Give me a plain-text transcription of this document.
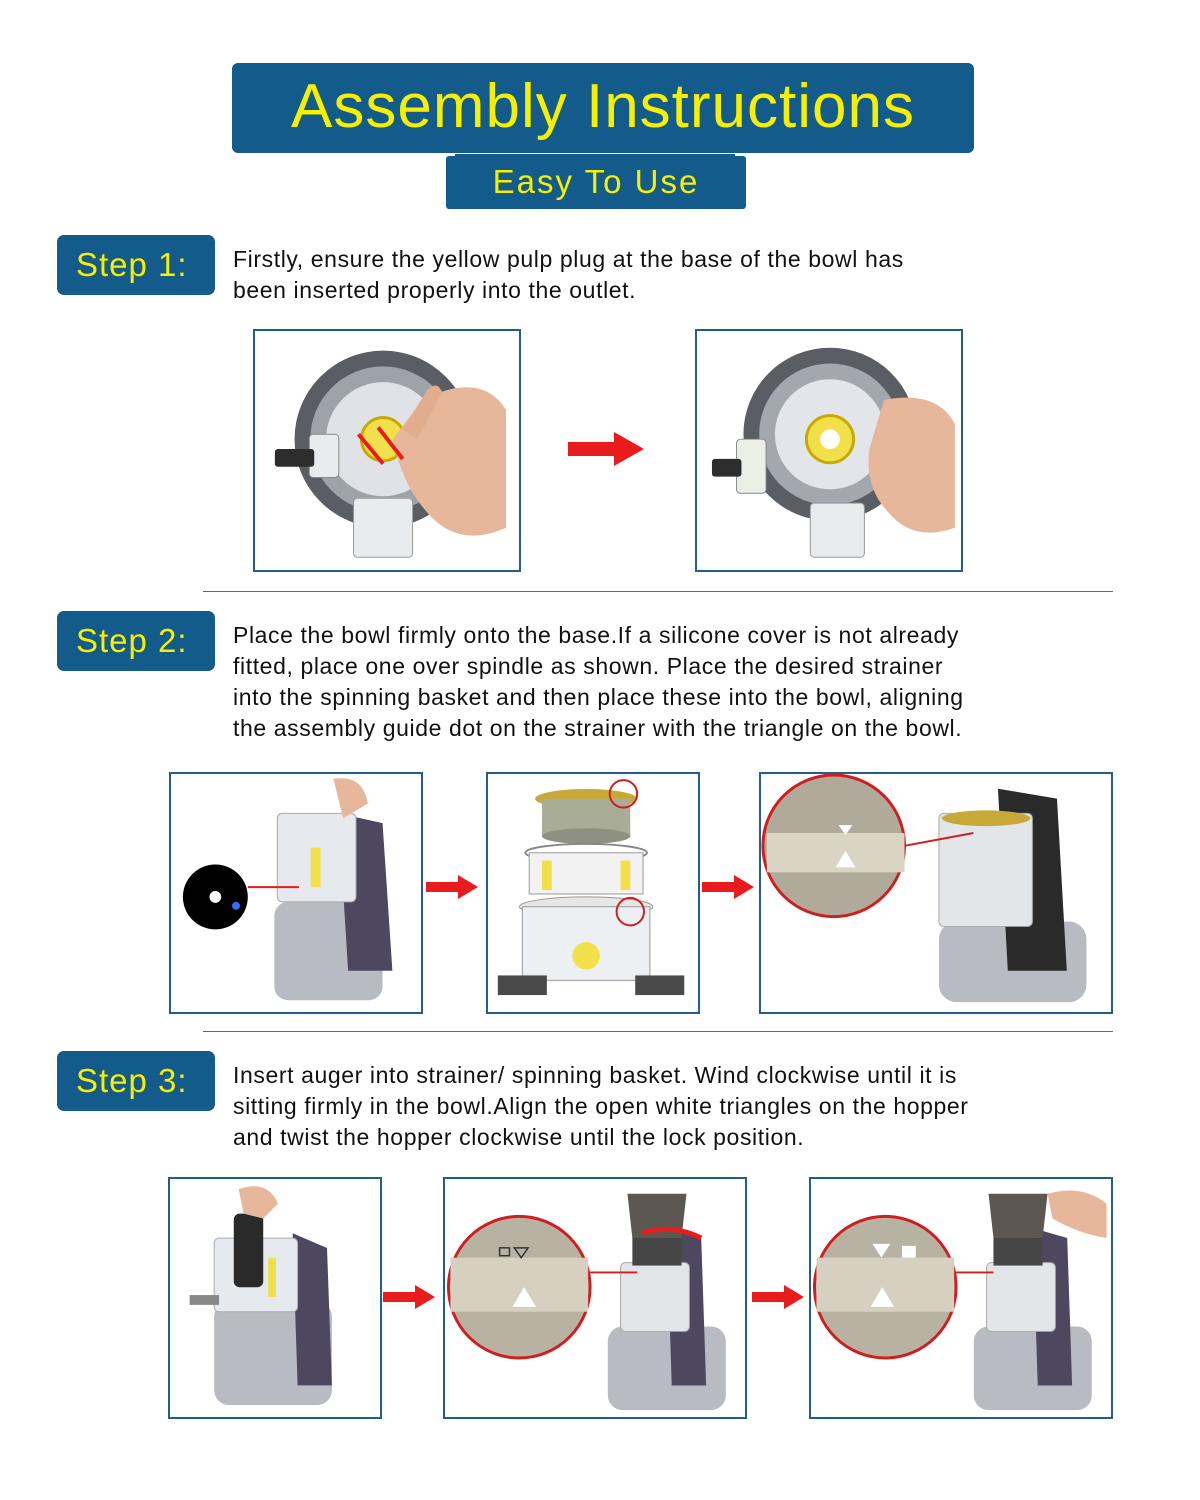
Assembly Instructions
Easy To Use
Step 1:	Firstly, ensure the yellow pulp plug at the base of the bowl has
been inserted properly into the outlet.
Step 2:	Place the bowl firmly onto the base.If a silicone cover is not already
fitted, place one over spindle as shown. Place the desired strainer
into the spinning basket and then place these into the bowl, aligning
the assembly guide dot on the strainer with the triangle on the bowl.
Step 3:	Insert auger into strainer/ spinning basket. Wind clockwise until it is
sitting firmly in the bowl.Align the open white triangles on the hopper
and twist the hopper clockwise until the lock position.
